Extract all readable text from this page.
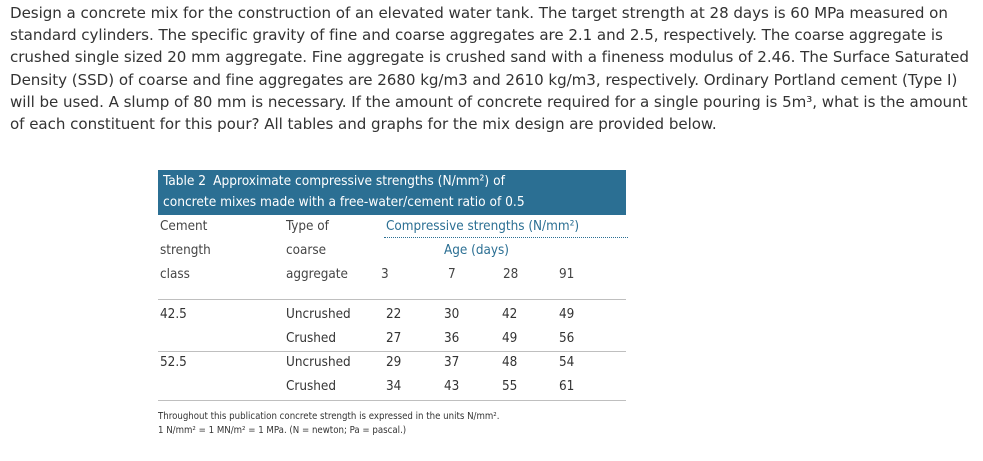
Design a concrete mix for the construction of an elevated water tank. The target strength at 28 days is 60 MPa measured on standard cylinders. The specific gravity of fine and coarse aggregates are 2.1 and 2.5, respectively. The coarse aggregate is crushed single sized 20 mm aggregate. Fine aggregate is crushed sand with a fineness modulus of 2.46. The Surface Saturated Density (SSD) of coarse and fine aggregates are 2680 kg/m3 and 2610 kg/m3, respectively. Ordinary Portland cement (Type I) will be used. A slump of 80 mm is necessary. If the amount of concrete required for a single pouring is 5m³, what is the amount of each constituent for this pour? All tables and graphs for the mix design are provided below.

Table 2 Approximate compressive strengths (N/mm²) of
concrete mixes made with a free-water/cement ratio of 0.5
Cement
strength
class
Type of
coarse
aggregate
Compressive strengths (N/mm²)
Age (days)
3	7	28	91
42.5	Uncrushed	22	30	42	49
Crushed	27	36	49	56
52.5	Uncrushed	29	37	48	54
Crushed	34	43	55	61
Throughout this publication concrete strength is expressed in the units N/mm².
1 N/mm² = 1 MN/m² = 1 MPa. (N = newton; Pa = pascal.)
